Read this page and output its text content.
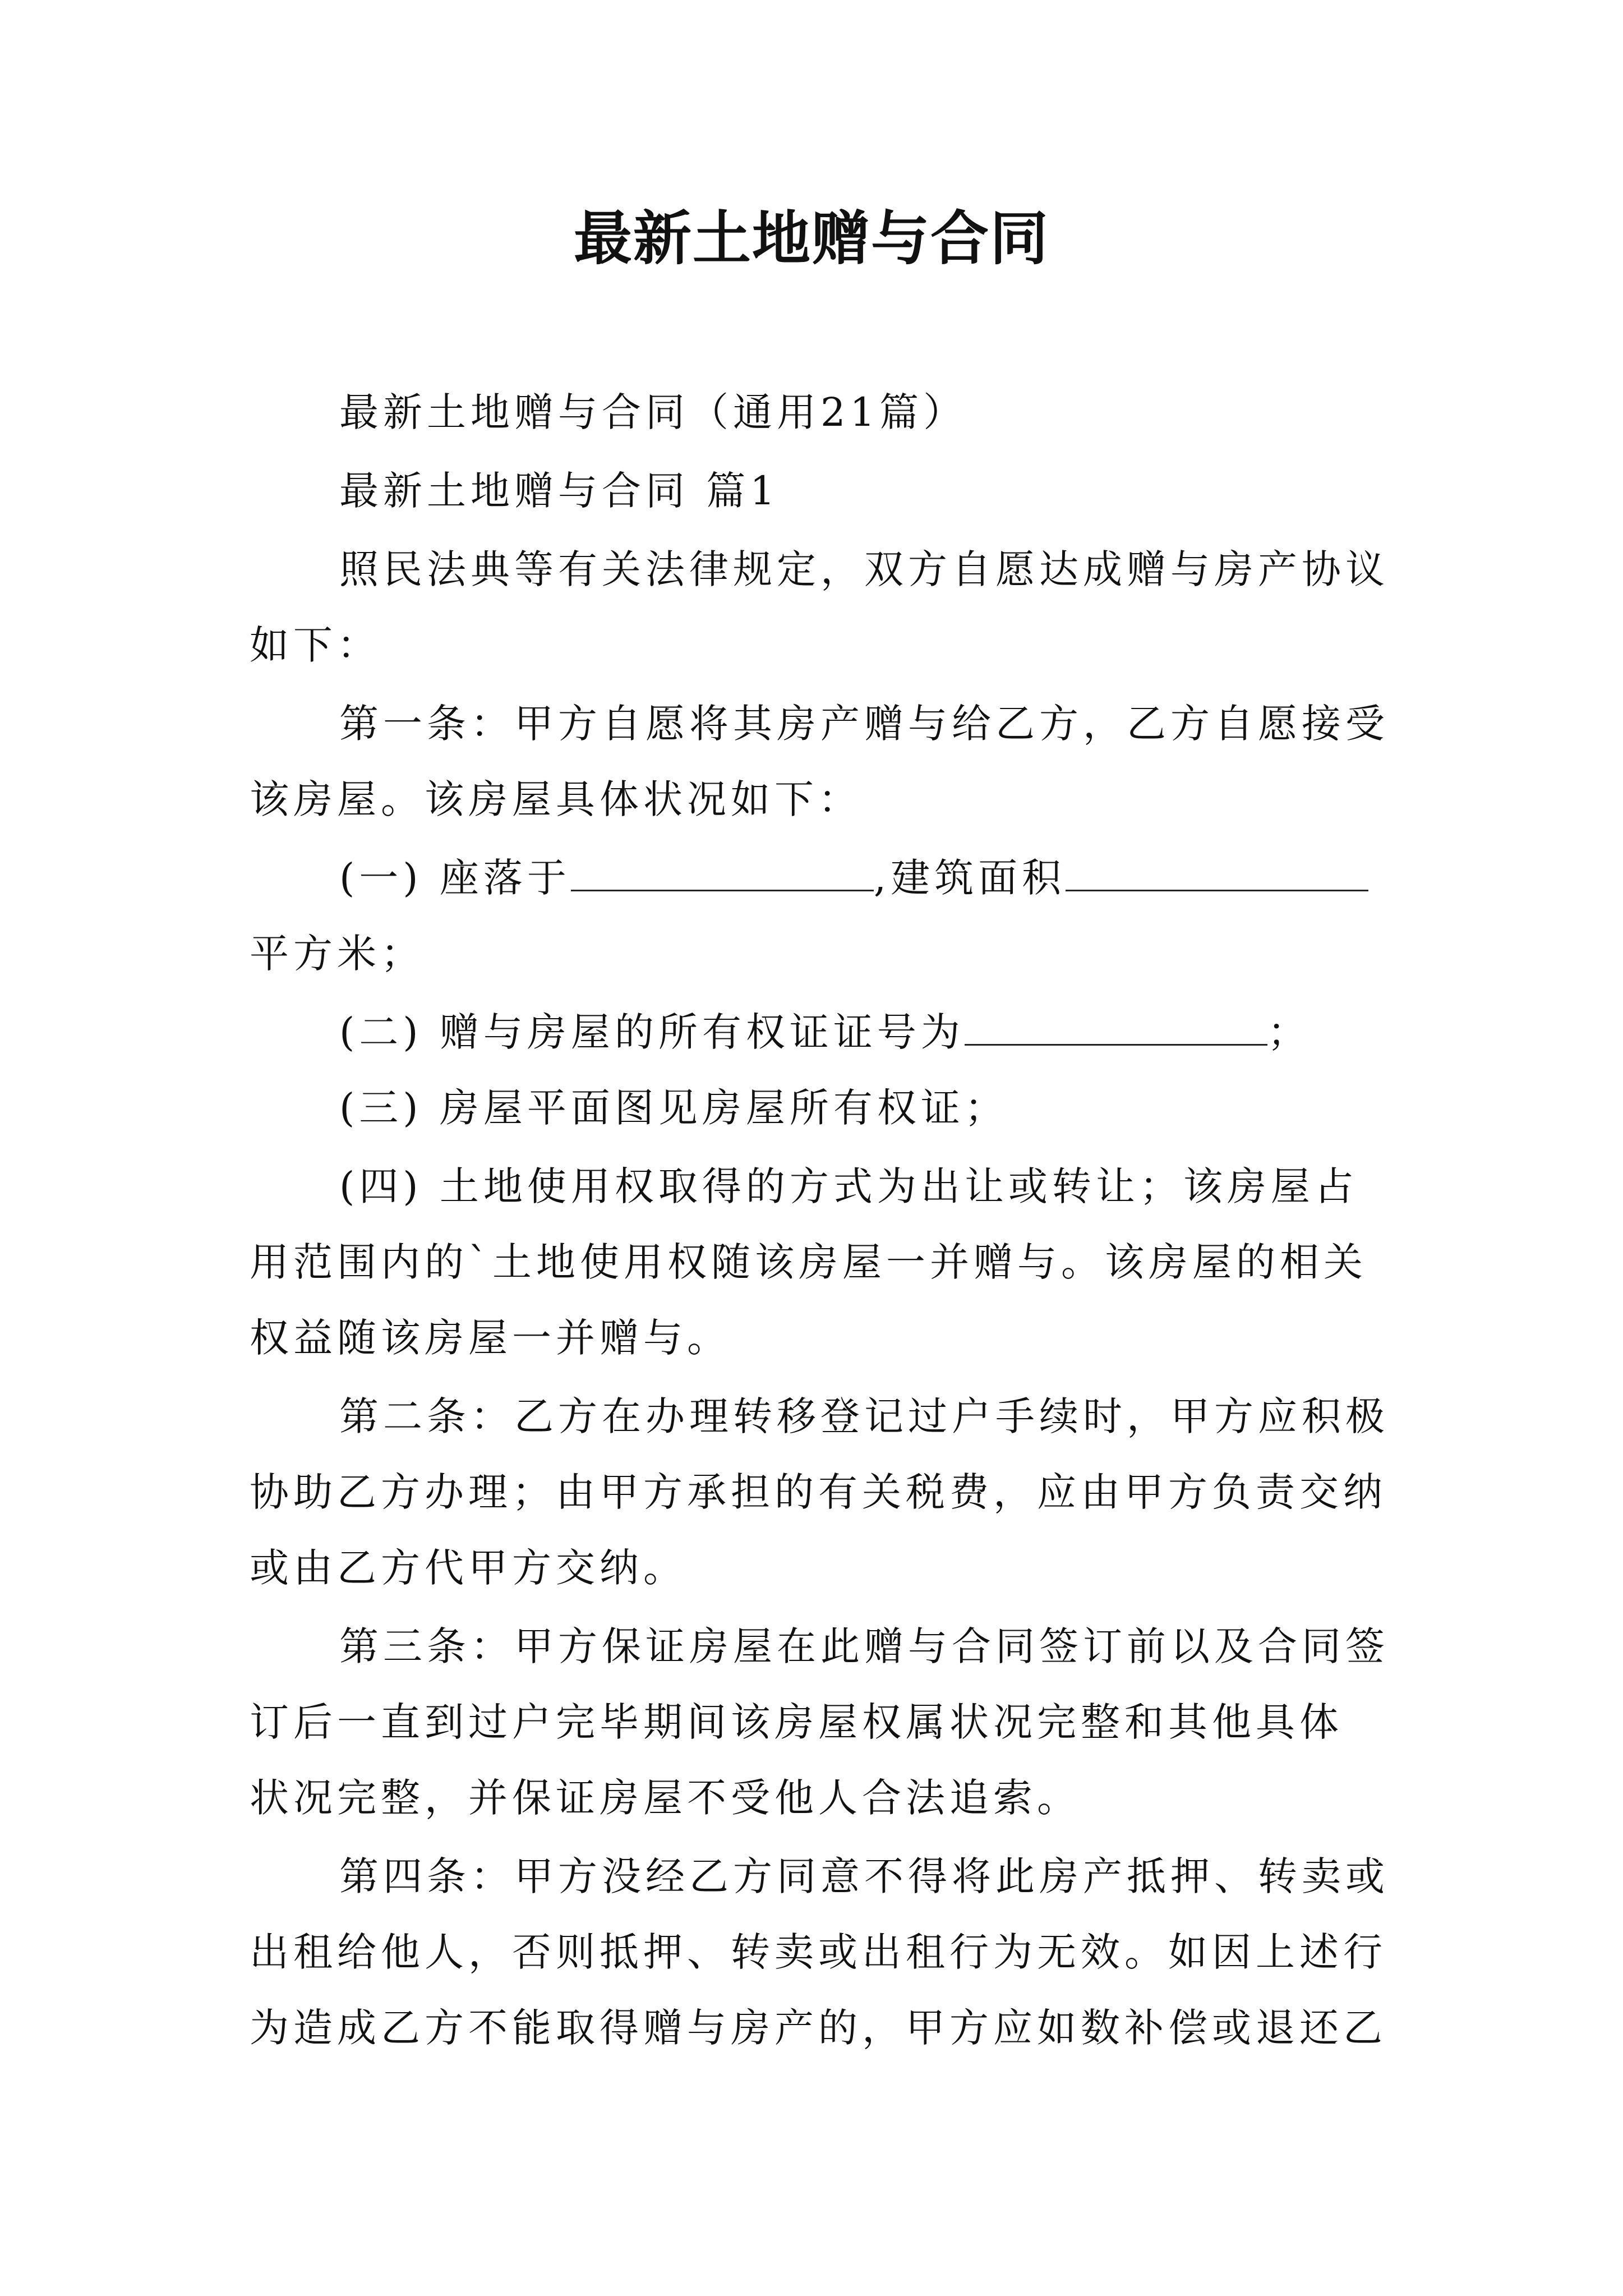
最新土地赠与合同
最新土地赠与合同（通用21篇）
最新土地赠与合同 篇1
照民法典等有关法律规定，双方自愿达成赠与房产协议
如下：
第一条：甲方自愿将其房产赠与给乙方，乙方自愿接受
该房屋。该房屋具体状况如下：
(一) 座落于	,建筑面积
平方米；
(二) 赠与房屋的所有权证证号为	；
(三) 房屋平面图见房屋所有权证；
(四) 土地使用权取得的方式为出让或转让；该房屋占
用范围内的`土地使用权随该房屋一并赠与。该房屋的相关
权益随该房屋一并赠与。
第二条：乙方在办理转移登记过户手续时，甲方应积极
协助乙方办理；由甲方承担的有关税费，应由甲方负责交纳
或由乙方代甲方交纳。
第三条：甲方保证房屋在此赠与合同签订前以及合同签
订后一直到过户完毕期间该房屋权属状况完整和其他具体
状况完整，并保证房屋不受他人合法追索。
第四条：甲方没经乙方同意不得将此房产抵押、转卖或
出租给他人，否则抵押、转卖或出租行为无效。如因上述行
为造成乙方不能取得赠与房产的，甲方应如数补偿或退还乙
